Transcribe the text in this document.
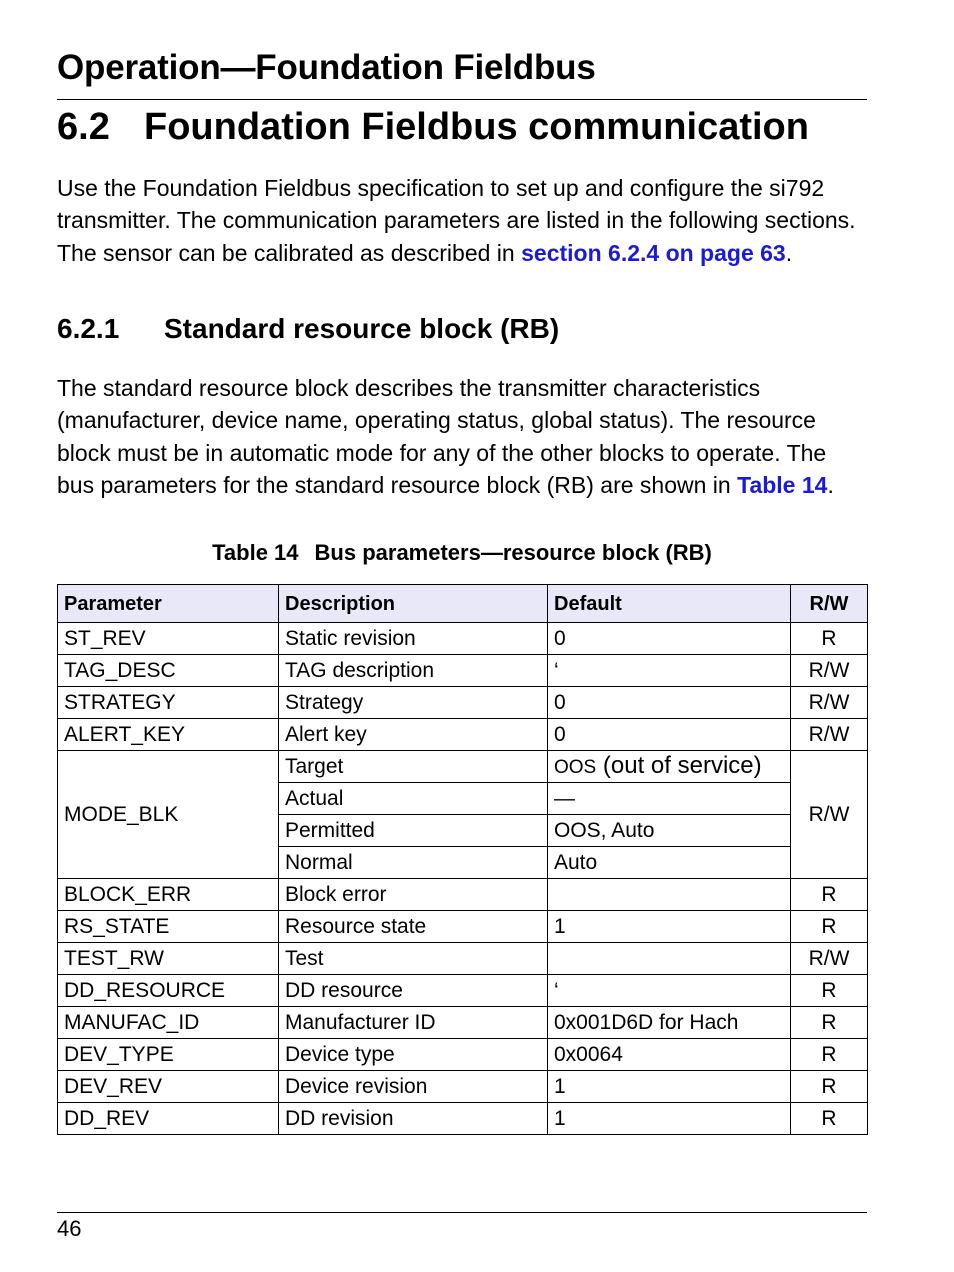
Operation—Foundation Fieldbus
6.2 Foundation Fieldbus communication
Use the Foundation Fieldbus specification to set up and configure the si792 transmitter. The communication parameters are listed in the following sections. The sensor can be calibrated as described in section 6.2.4 on page 63.
6.2.1 Standard resource block (RB)
The standard resource block describes the transmitter characteristics (manufacturer, device name, operating status, global status). The resource block must be in automatic mode for any of the other blocks to operate. The bus parameters for the standard resource block (RB) are shown in Table 14.
Table 14 Bus parameters—resource block (RB)
Parameter	Description	Default	R/W
ST_REV	Static revision	0	R
TAG_DESC	TAG description	‘	R/W
STRATEGY	Strategy	0	R/W
ALERT_KEY	Alert key	0	R/W
MODE_BLK	Target	OOS (out of service)	R/W
	Actual	—	
	Permitted	OOS, Auto	
	Normal	Auto	
BLOCK_ERR	Block error		R
RS_STATE	Resource state	1	R
TEST_RW	Test		R/W
DD_RESOURCE	DD resource	‘	R
MANUFAC_ID	Manufacturer ID	0x001D6D for Hach	R
DEV_TYPE	Device type	0x0064	R
DEV_REV	Device revision	1	R
DD_REV	DD revision	1	R
46
